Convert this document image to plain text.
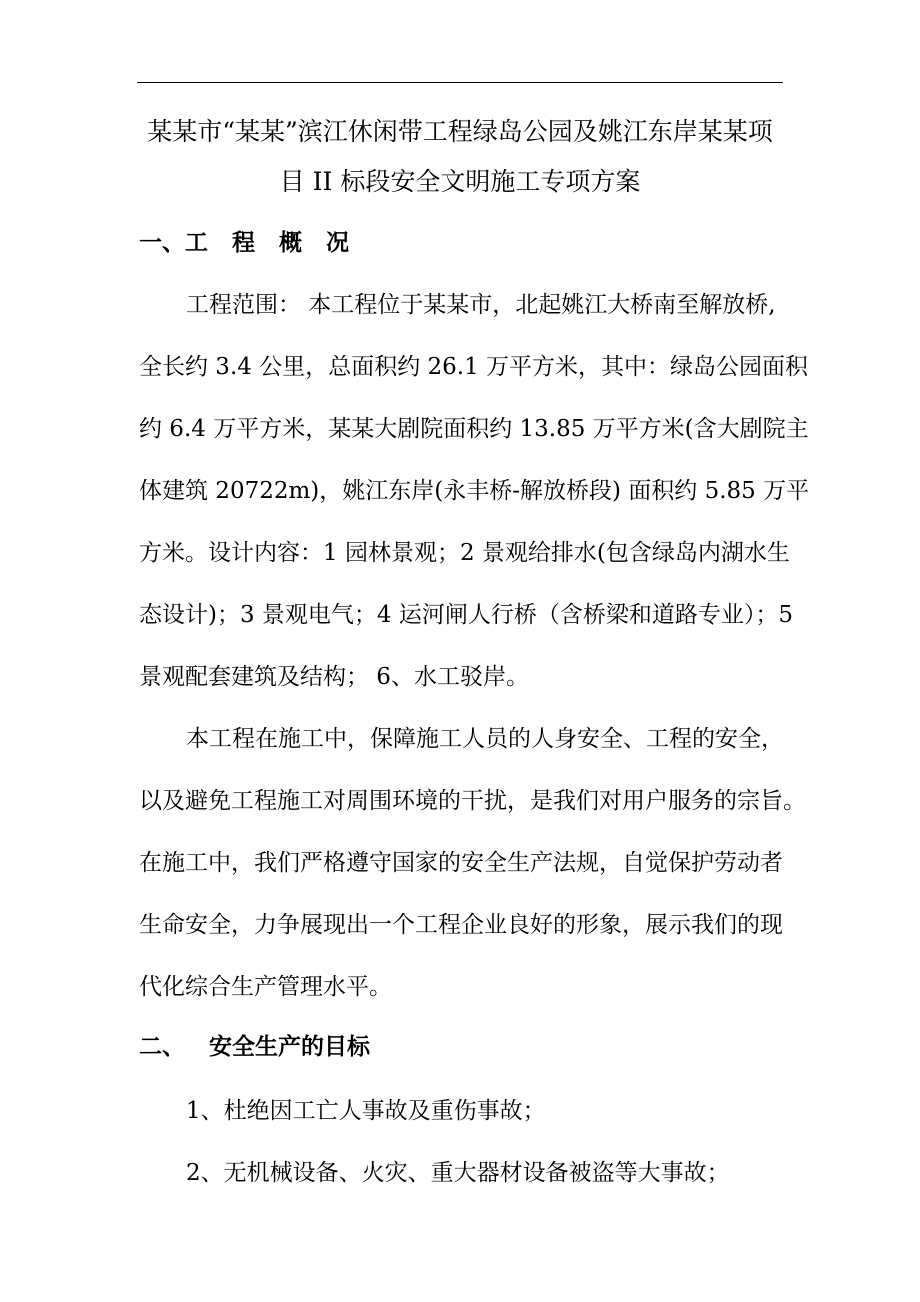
某某市“某某”滨江休闲带工程绿岛公园及姚江东岸某某项
目 II 标段安全文明施工专项方案
一、工 程 概 况
工程范围： 本工程位于某某市，北起姚江大桥南至解放桥,
全长约 3.4 公里，总面积约 26.1 万平方米，其中：绿岛公园面积
约 6.4 万平方米，某某大剧院面积约 13.85 万平方米(含大剧院主
体建筑 20722m)，姚江东岸(永丰桥-解放桥段) 面积约 5.85 万平
方米。设计内容：1 园林景观；2 景观给排水(包含绿岛内湖水生
态设计)；3 景观电气；4 运河闸人行桥（含桥梁和道路专业）；5
景观配套建筑及结构； 6、水工驳岸。
本工程在施工中，保障施工人员的人身安全、工程的安全，
以及避免工程施工对周围环境的干扰，是我们对用户服务的宗旨。
在施工中，我们严格遵守国家的安全生产法规，自觉保护劳动者
生命安全，力争展现出一个工程企业良好的形象，展示我们的现
代化综合生产管理水平。
二、 安全生产的目标
1、杜绝因工亡人事故及重伤事故；
2、无机械设备、火灾、重大器材设备被盗等大事故；
